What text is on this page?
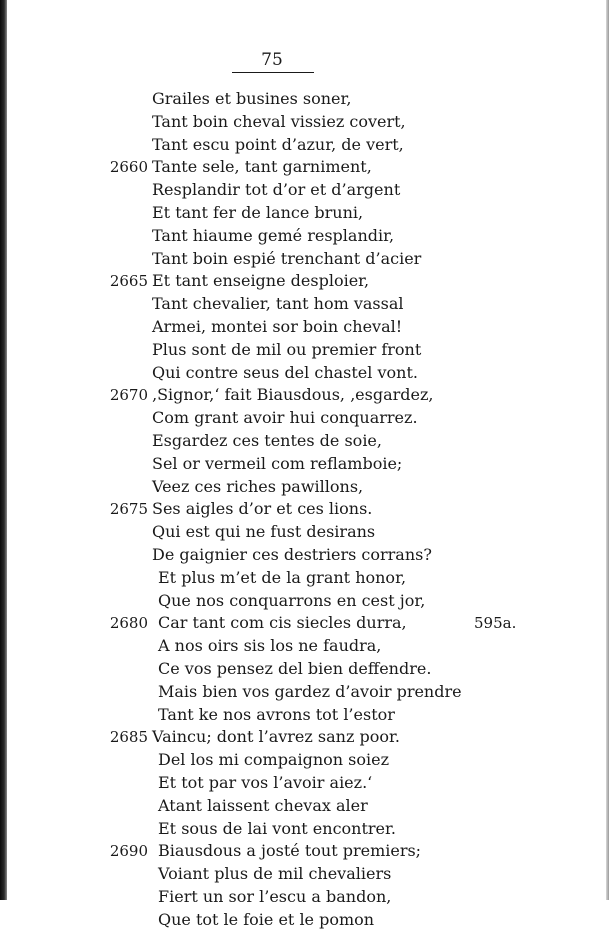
75
Grailes et busines soner,
Tant boin cheval vissiez covert,
Tant escu point d’azur, de vert,
2660 Tante sele, tant garniment,
Resplandir tot d’or et d’argent
Et tant fer de lance bruni,
Tant hiaume gemé resplandir,
Tant boin espié trenchant d’acier
2665 Et tant enseigne desploier,
Tant chevalier, tant hom vassal
Armei, montei sor boin cheval!
Plus sont de mil ou premier front
Qui contre seus del chastel vont.
2670 ‚Signor,‘ fait Biausdous, ‚esgardez,
Com grant avoir hui conquarrez.
Esgardez ces tentes de soie,
Sel or vermeil com reflamboie;
Veez ces riches pawillons,
2675 Ses aigles d’or et ces lions.
Qui est qui ne fust desirans
De gaignier ces destriers corrans?
Et plus m’et de la grant honor,
Que nos conquarrons en cest jor,
2680 Car tant com cis siecles durra,	595a.
A nos oirs sis los ne faudra,
Ce vos pensez del bien deffendre.
Mais bien vos gardez d’avoir prendre
Tant ke nos avrons tot l’estor
2685 Vaincu; dont l’avrez sanz poor.
Del los mi compaignon soiez
Et tot par vos l’avoir aiez.‘
Atant laissent chevax aler
Et sous de lai vont encontrer.
2690 Biausdous a josté tout premiers;
Voiant plus de mil chevaliers
Fiert un sor l’escu a bandon,
Que tot le foie et le pomon
